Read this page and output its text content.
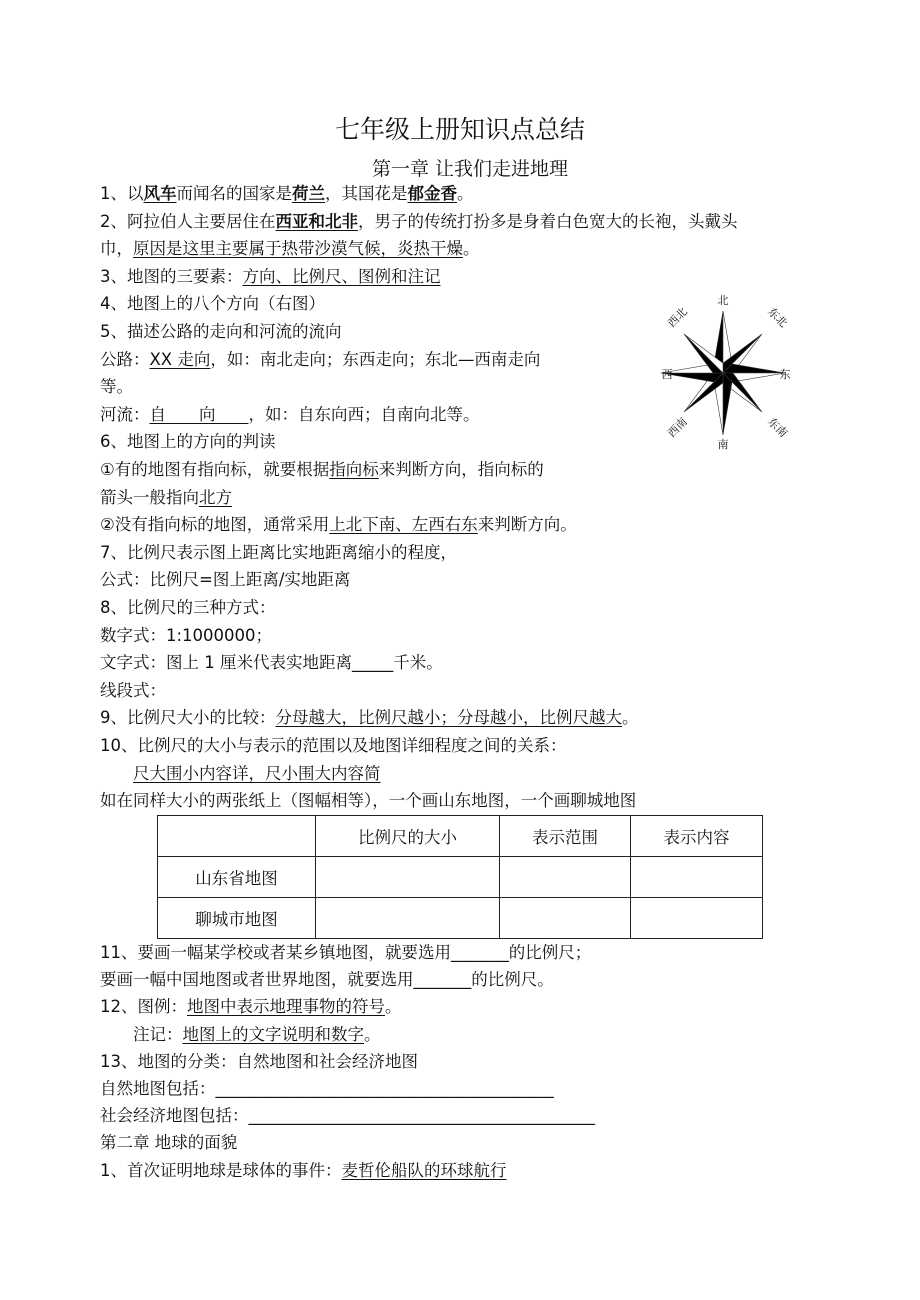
七年级上册知识点总结
第一章 让我们走进地理
1、以风车而闻名的国家是荷兰，其国花是郁金香。
2、阿拉伯人主要居住在西亚和北非，男子的传统打扮多是身着白色宽大的长袍，头戴头
巾，原因是这里主要属于热带沙漠气候，炎热干燥。
3、地图的三要素：方向、比例尺、图例和注记
4、地图上的八个方向（右图）
5、描述公路的走向和河流的流向
公路：XX 走向，如：南北走向；东西走向；东北—西南走向
等。
河流：自　　向　　，如：自东向西；自南向北等。
6、地图上的方向的判读
①有的地图有指向标，就要根据指向标来判断方向，指向标的
箭头一般指向北方
②没有指向标的地图，通常采用上北下南、左西右东来判断方向。
7、比例尺表示图上距离比实地距离缩小的程度，
公式：比例尺=图上距离/实地距离
8、比例尺的三种方式：
数字式：1:1000000；
文字式：图上 1 厘米代表实地距离_____千米。
线段式：
9、比例尺大小的比较：分母越大，比例尺越小；分母越小，比例尺越大。
10、比例尺的大小与表示的范围以及地图详细程度之间的关系：
　　尺大围小内容详，尺小围大内容简
如在同样大小的两张纸上（图幅相等），一个画山东地图，一个画聊城地图
	比例尺的大小	表示范围	表示内容
山东省地图			
聊城市地图			
11、要画一幅某学校或者某乡镇地图，就要选用_______的比例尺；
要画一幅中国地图或者世界地图，就要选用_______的比例尺。
12、图例：地图中表示地理事物的符号。
　　注记：地图上的文字说明和数字。
13、地图的分类：自然地图和社会经济地图
自然地图包括：_________________________________________
社会经济地图包括：__________________________________________
第二章 地球的面貌
1、首次证明地球是球体的事件：麦哲伦船队的环球航行
北
东北
东
东南
南
西南
西
西北
